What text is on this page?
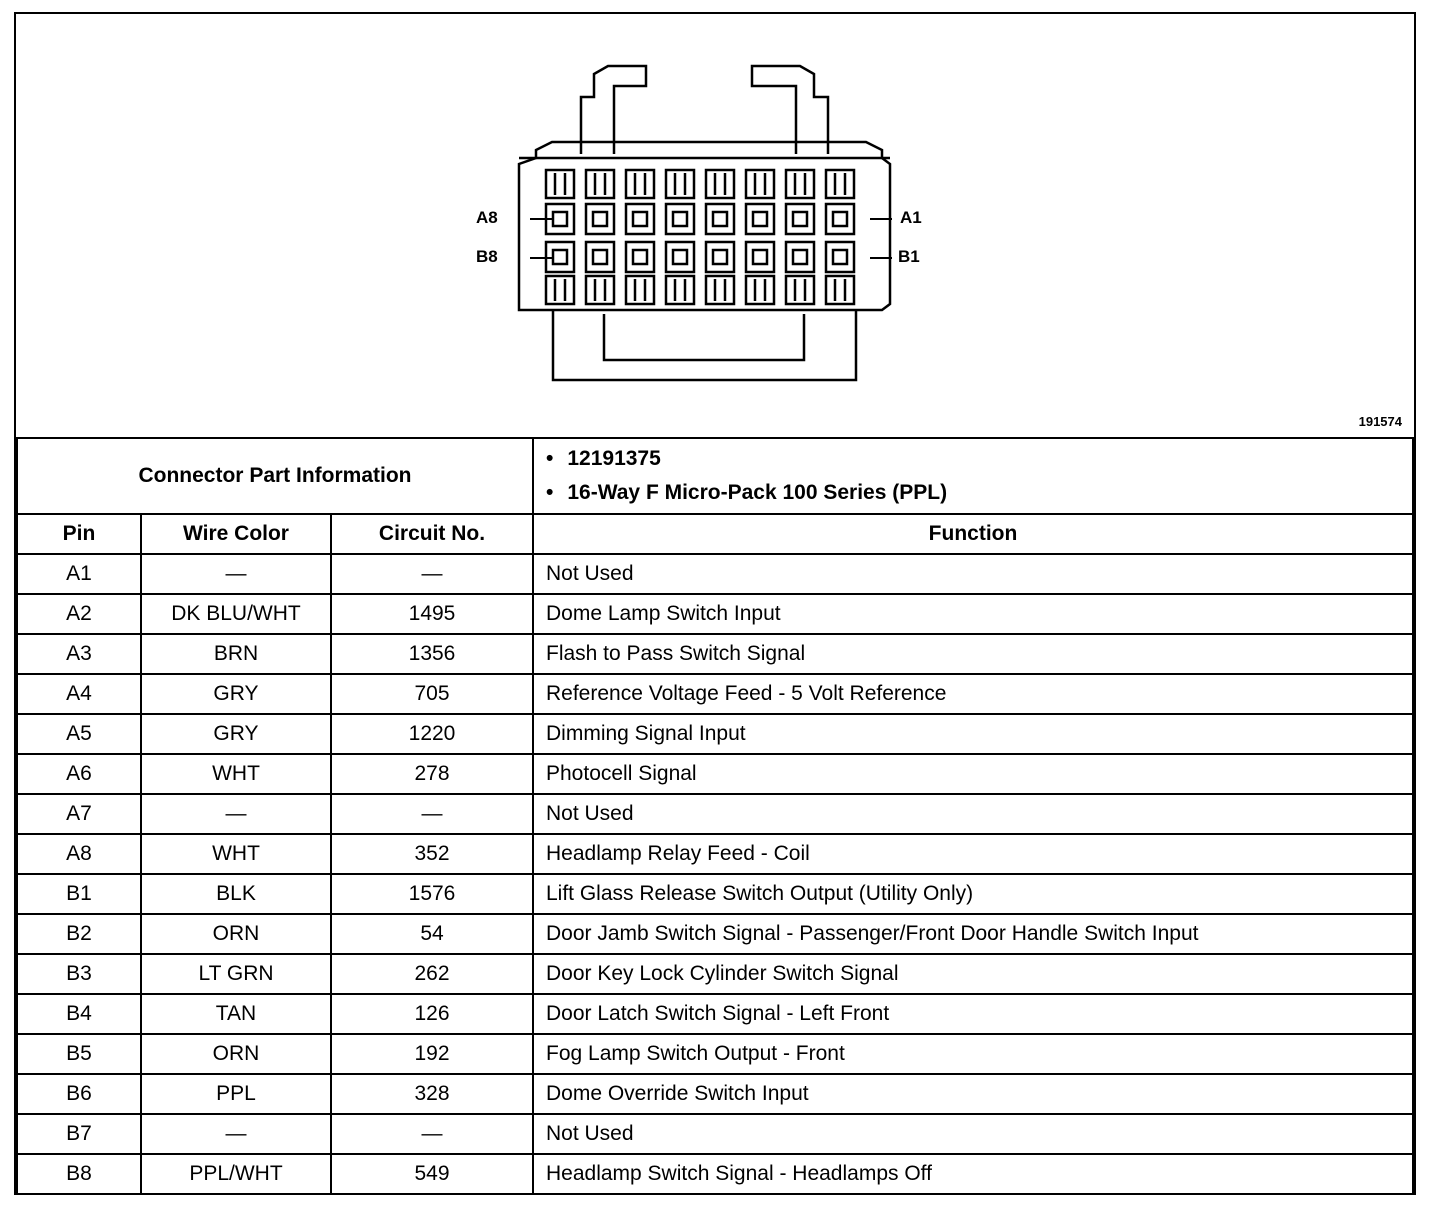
A8	A1
B8	B1
191574
Connector Part Information			• 12191375
• 16-Way F Micro-Pack 100 Series (PPL)

Pin	Wire Color	Circuit No.	Function
A1	—	—	Not Used
A2	DK BLU/WHT	1495	Dome Lamp Switch Input
A3	BRN	1356	Flash to Pass Switch Signal
A4	GRY	705	Reference Voltage Feed - 5 Volt Reference
A5	GRY	1220	Dimming Signal Input
A6	WHT	278	Photocell Signal
A7	—	—	Not Used
A8	WHT	352	Headlamp Relay Feed - Coil
B1	BLK	1576	Lift Glass Release Switch Output (Utility Only)
B2	ORN	54	Door Jamb Switch Signal - Passenger/Front Door Handle Switch Input
B3	LT GRN	262	Door Key Lock Cylinder Switch Signal
B4	TAN	126	Door Latch Switch Signal - Left Front
B5	ORN	192	Fog Lamp Switch Output - Front
B6	PPL	328	Dome Override Switch Input
B7	—	—	Not Used
B8	PPL/WHT	549	Headlamp Switch Signal - Headlamps Off
